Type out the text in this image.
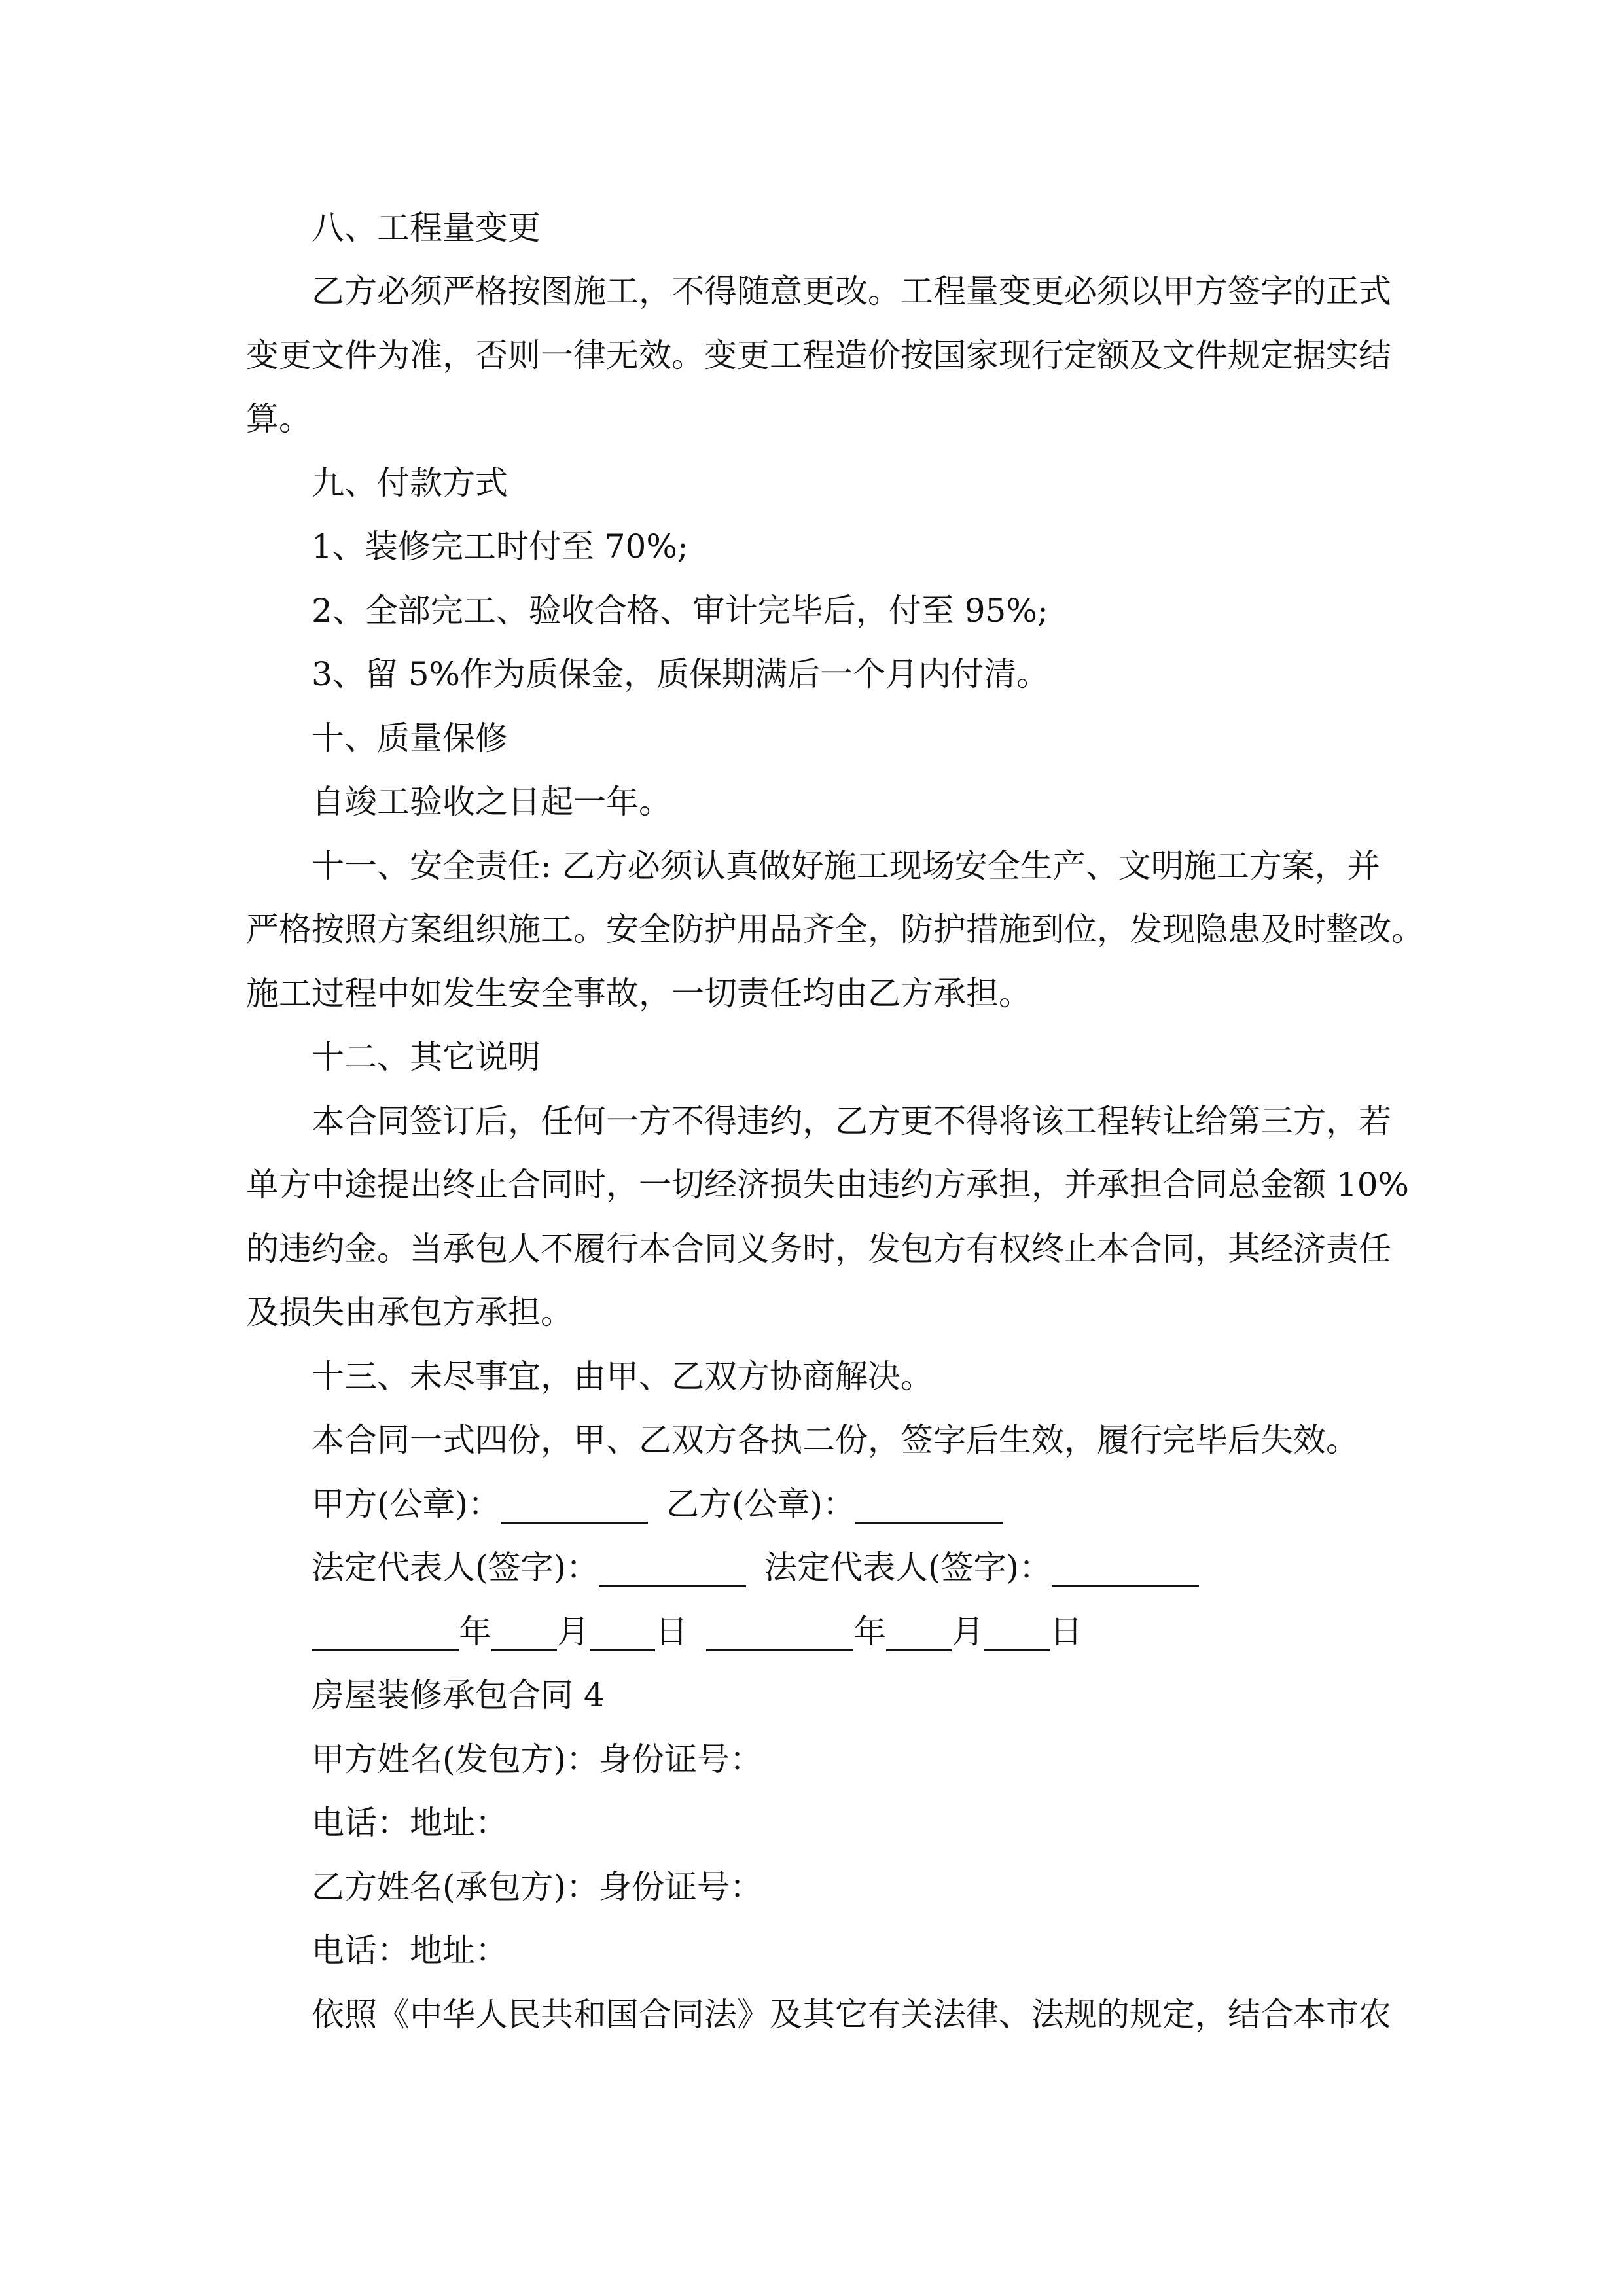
八、工程量变更
乙方必须严格按图施工，不得随意更改。工程量变更必须以甲方签字的正式
变更文件为准，否则一律无效。变更工程造价按国家现行定额及文件规定据实结
算。
九、付款方式
1、装修完工时付至 70%;
2、全部完工、验收合格、审计完毕后，付至 95%;
3、留 5%作为质保金，质保期满后一个月内付清。
十、质量保修
自竣工验收之日起一年。
十一、安全责任: 乙方必须认真做好施工现场安全生产、文明施工方案，并
严格按照方案组织施工。安全防护用品齐全，防护措施到位，发现隐患及时整改。
施工过程中如发生安全事故，一切责任均由乙方承担。
十二、其它说明
本合同签订后，任何一方不得违约，乙方更不得将该工程转让给第三方，若
单方中途提出终止合同时，一切经济损失由违约方承担，并承担合同总金额 10%
的违约金。当承包人不履行本合同义务时，发包方有权终止本合同，其经济责任
及损失由承包方承担。
十三、未尽事宜，由甲、乙双方协商解决。
本合同一式四份，甲、乙双方各执二份，签字后生效，履行完毕后失效。
甲方(公章)：	乙方(公章)：
法定代表人(签字)：	法定代表人(签字)：
年 月 日	年 月 日
房屋装修承包合同 4
甲方姓名(发包方)：身份证号：
电话：地址：
乙方姓名(承包方)：身份证号：
电话：地址：
依照《中华人民共和国合同法》及其它有关法律、法规的规定，结合本市农
